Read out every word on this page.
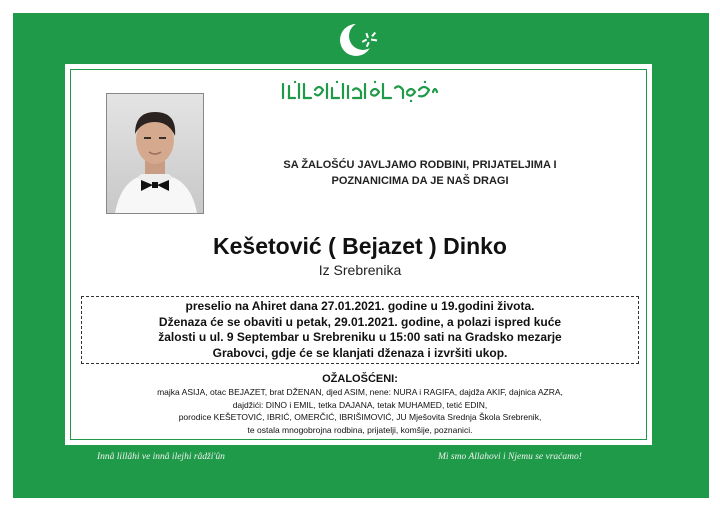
SA ŽALOŠĆU JAVLJAMO RODBINI, PRIJATELJIMA I
POZNANICIMA DA JE NAŠ DRAGI
Kešetović ( Bejazet ) Dinko
Iz Srebrenika
preselio na Ahiret dana 27.01.2021. godine u 19.godini života.
Dženaza će se obaviti u petak, 29.01.2021. godine, a polazi ispred kuće
žalosti u ul. 9 Septembar u Srebreniku u 15:00 sati na Gradsko mezarje
Grabovci, gdje će se klanjati dženaza i izvršiti ukop.
OŽALOŠĆENI:
majka ASIJA, otac BEJAZET, brat DŽENAN, djed ASIM, nene: NURA i RAGIFA, dajdža AKIF, dajnica AZRA,
dajdžići: DINO i EMIL, tetka DAJANA, tetak MUHAMED, tetić EDIN,
porodice KEŠETOVIĆ, IBRIĆ, OMERČIĆ, IBRIŠIMOVIĆ, JU Mješovita Srednja Škola Srebrenik,
te ostala mnogobrojna rodbina, prijatelji, komšije, poznanici.
Innâ lillâhi ve innâ ilejhi râdži'ûn	Mi smo Allahovi i Njemu se vraćamo!
